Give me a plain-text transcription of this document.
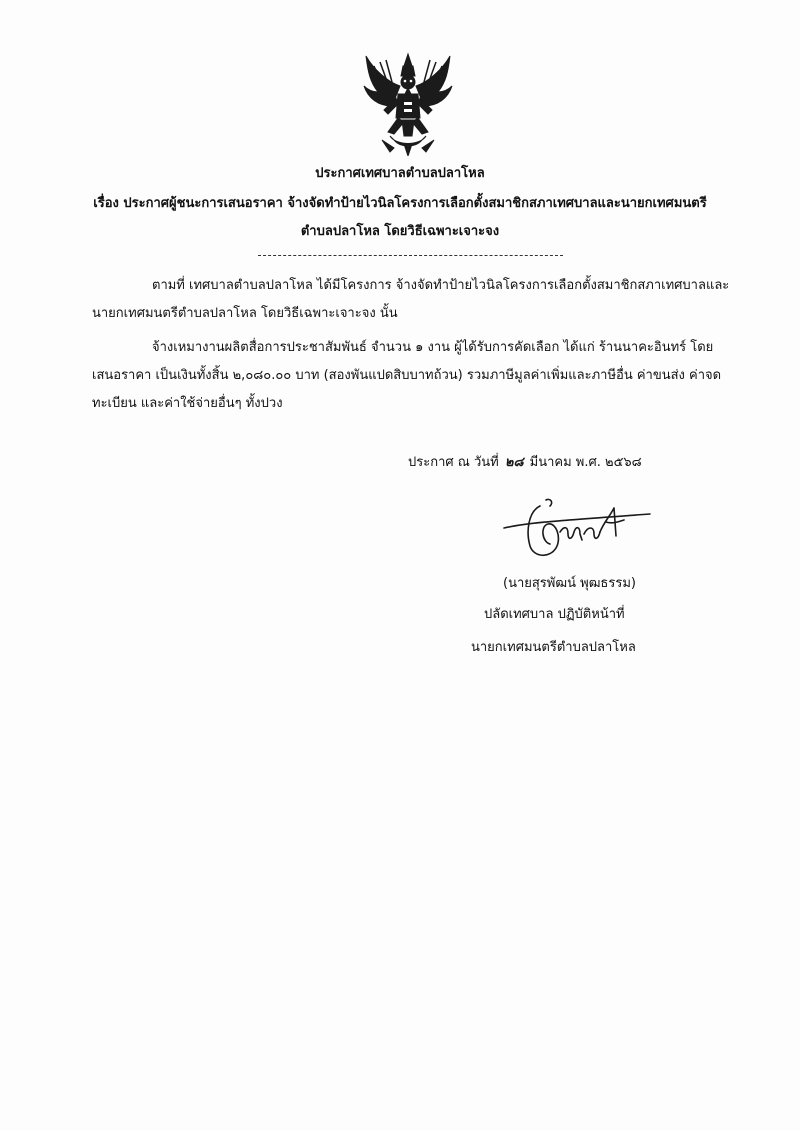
ประกาศเทศบาลตำบลปลาโหล
เรื่อง ประกาศผู้ชนะการเสนอราคา จ้างจัดทำป้ายไวนิลโครงการเลือกตั้งสมาชิกสภาเทศบาลและนายกเทศมนตรี
ตำบลปลาโหล โดยวิธีเฉพาะเจาะจง
ตามที่ เทศบาลตำบลปลาโหล ได้มีโครงการ จ้างจัดทำป้ายไวนิลโครงการเลือกตั้งสมาชิกสภาเทศบาลและ
นายกเทศมนตรีตำบลปลาโหล โดยวิธีเฉพาะเจาะจง นั้น
จ้างเหมางานผลิตสื่อการประชาสัมพันธ์ จำนวน ๑ งาน ผู้ได้รับการคัดเลือก ได้แก่ ร้านนาคะอินทร์ โดย
เสนอราคา เป็นเงินทั้งสิ้น ๒,๐๘๐.๐๐ บาท (สองพันแปดสิบบาทถ้วน) รวมภาษีมูลค่าเพิ่มและภาษีอื่น ค่าขนส่ง ค่าจด
ทะเบียน และค่าใช้จ่ายอื่นๆ ทั้งปวง
ประกาศ ณ วันที่ ๒๘ มีนาคม พ.ศ. ๒๕๖๘
(นายสุรพัฒน์ พุฒธรรม)
ปลัดเทศบาล ปฏิบัติหน้าที่
นายกเทศมนตรีตำบลปลาโหล
